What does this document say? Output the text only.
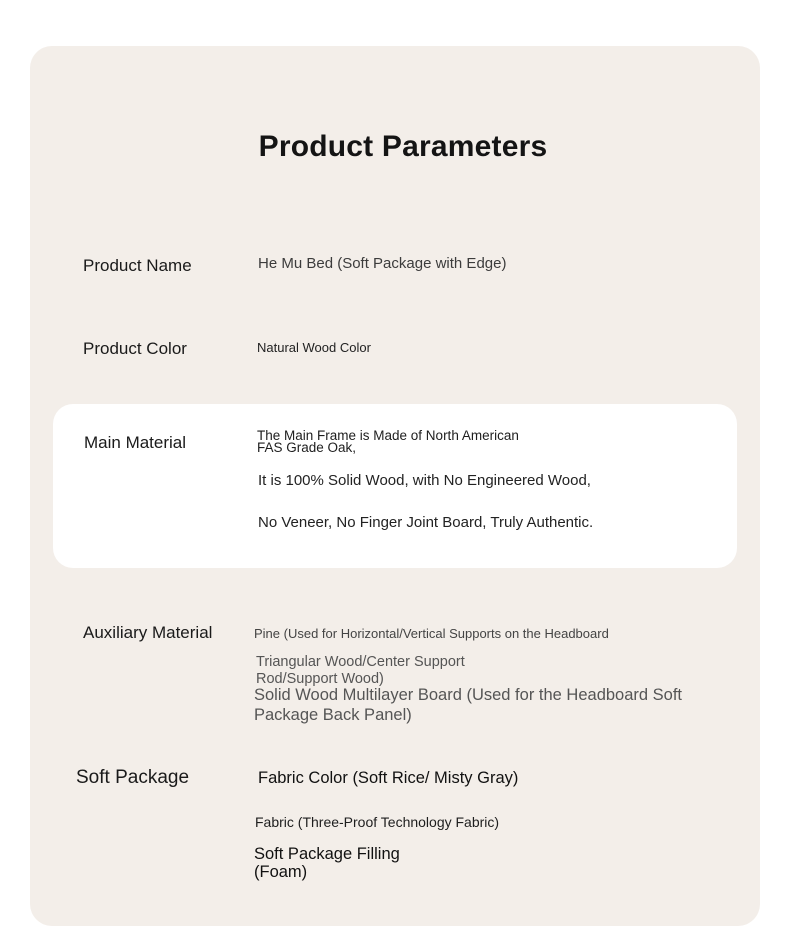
Product Parameters
Product Name	He Mu Bed (Soft Package with Edge)
Product Color	Natural Wood Color
Main Material	The Main Frame is Made of North American
FAS Grade Oak,
It is 100% Solid Wood, with No Engineered Wood,
No Veneer, No Finger Joint Board, Truly Authentic.
Auxiliary Material	Pine (Used for Horizontal/Vertical Supports on the Headboard
Triangular Wood/Center Support
Rod/Support Wood)
Solid Wood Multilayer Board (Used for the Headboard Soft
Package Back Panel)
Soft Package	Fabric Color (Soft Rice/ Misty Gray)
Fabric (Three-Proof Technology Fabric)
Soft Package Filling
(Foam)
